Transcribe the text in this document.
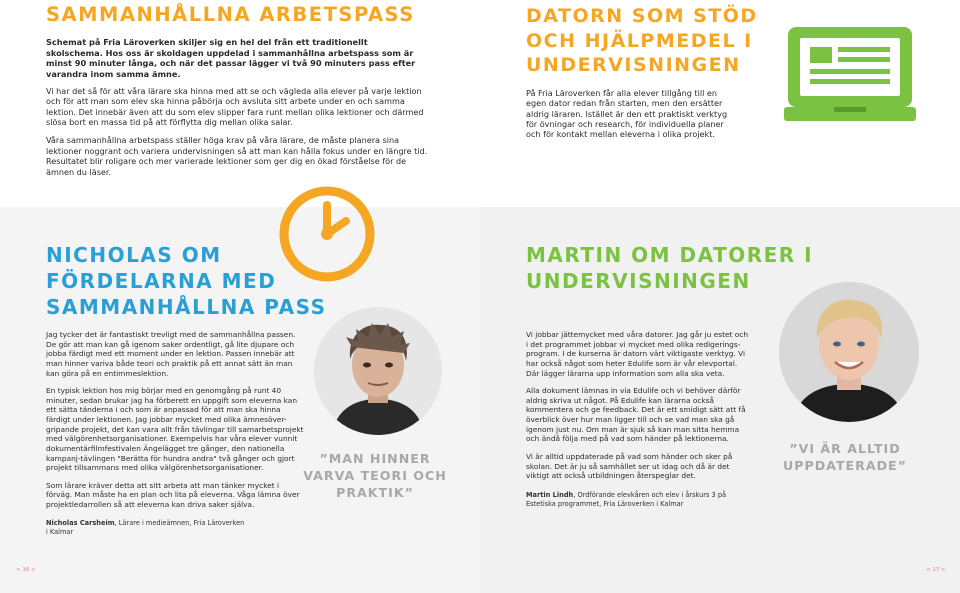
SAMMANHÅLLNA ARBETSPASS
Schemat på Fria Läroverken skiljer sig en hel del från ett traditionellt skolschema. Hos oss är skoldagen uppdelad i sammanhållna arbetspass som är minst 90 minuter långa, och när det passar lägger vi två 90 minuters pass efter varandra inom samma ämne.

Vi har det så för att våra lärare ska hinna med att se och vägleda alla elever på varje lektion och för att man som elev ska hinna påbörja och avsluta sitt arbete under en och samma lektion. Det innebär även att du som elev slipper fara runt mellan olika lektioner och därmed slösa bort en massa tid på att förflytta dig mellan olika salar.

Våra sammanhållna arbetspass ställer höga krav på våra lärare, de måste planera sina lektioner noggrant och variera undervisningen så att man kan hålla fokus under en längre tid. Resultatet blir roligare och mer varierade lektioner som ger dig en ökad förståelse för de ämnen du läser.

DATORN SOM STÖD OCH HJÄLPMEDEL I UNDERVISNINGEN
På Fria Läroverken får alla elever tillgång till en egen dator redan från starten, men den ersätter aldrig läraren. Istället är den ett praktiskt verktyg för övningar och research, för individuella planer och för kontakt mellan eleverna i olika projekt.
NICHOLAS OM FÖRDELARNA MED SAMMANHÅLLNA PASS

Jag tycker det är fantastiskt trevligt med de sammanhållna passen. De gör att man kan gå igenom saker ordentligt, gå lite djupare och jobba färdigt med ett moment under en lektion. Passen innebär att man hinner variva både teori och praktik på ett annat sätt än man kan göra på en entimmeslektion.

En typisk lektion hos mig börjar med en genomgång på runt 40 minuter, sedan brukar jag ha förberett en uppgift som eleverna kan ett sätta tänderna i och som är anpassad för att man ska hinna färdigt under lektionen. Jag jobbar mycket med olika ämnesöver-gripande projekt, det kan vara allt från tävlingar till samarbetsprojekt med välgörenhetsorganisationer. Exempelvis har våra elever vunnit dokumentärfilmfestivalen Ängelägget tre gånger, den nationella kampanj-tävlingen "Berätta för hundra andra" två gånger och gjort projekt tillsammans med olika välgörenhetsorganisationer.

Som lärare kräver detta att sitt arbeta att man tänker mycket i förväg. Man måste ha en plan och lita på eleverna. Våga lämna över projektledarrollen så att eleverna kan driva saker själva.

Nicholas Carsheim, Lärare i medieämnen, Fria Läroverken i Kalmar
”MAN HINNER VARVA TEORI OCH PRAKTIK”
MARTIN OM DATORER I UNDERVISNINGEN

Vi jobbar jättemycket med våra datorer. Jag går ju estet och i det programmet jobbar vi mycket med olika redigerings-program. I de kurserna är datorn värt viktigaste verktyg. Vi har också något som heter Edulife som är vår elevportal. Där lägger lärarna upp information som alla ska veta.

Alla dokument lämnas in via Edulife och vi behöver därför aldrig skriva ut något. På Edulife kan lärarna också kommentera och ge feedback. Det är ett smidigt sätt att få överblick över hur man ligger till och se vad man ska gå igenom just nu. Om man är sjuk så kan man sitta hemma och ändå följa med på vad som händer på lektionerna.

Vi är alltid uppdaterade på vad som händer och sker på skolan. Det är ju så samhället ser ut idag och då är det viktigt att också utbildningen återspeglar det.

Martin Lindh, Ordförande elevkåren och elev i årskurs 3 på Estetiska programmet, Fria Läroverken i Kalmar
”VI ÄR ALLTID UPPDATERADE”
< 16 >	< 17 >
